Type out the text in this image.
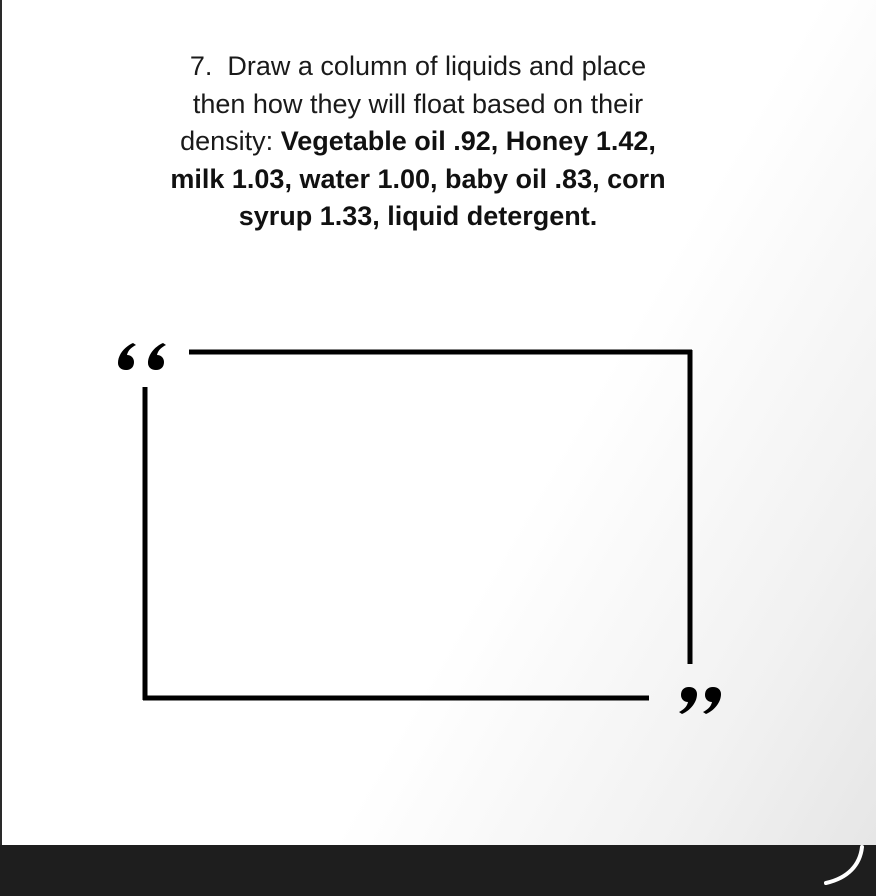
7. Draw a column of liquids and place then how they will float based on their density: Vegetable oil .92, Honey 1.42, milk 1.03, water 1.00, baby oil .83, corn syrup 1.33, liquid detergent.
